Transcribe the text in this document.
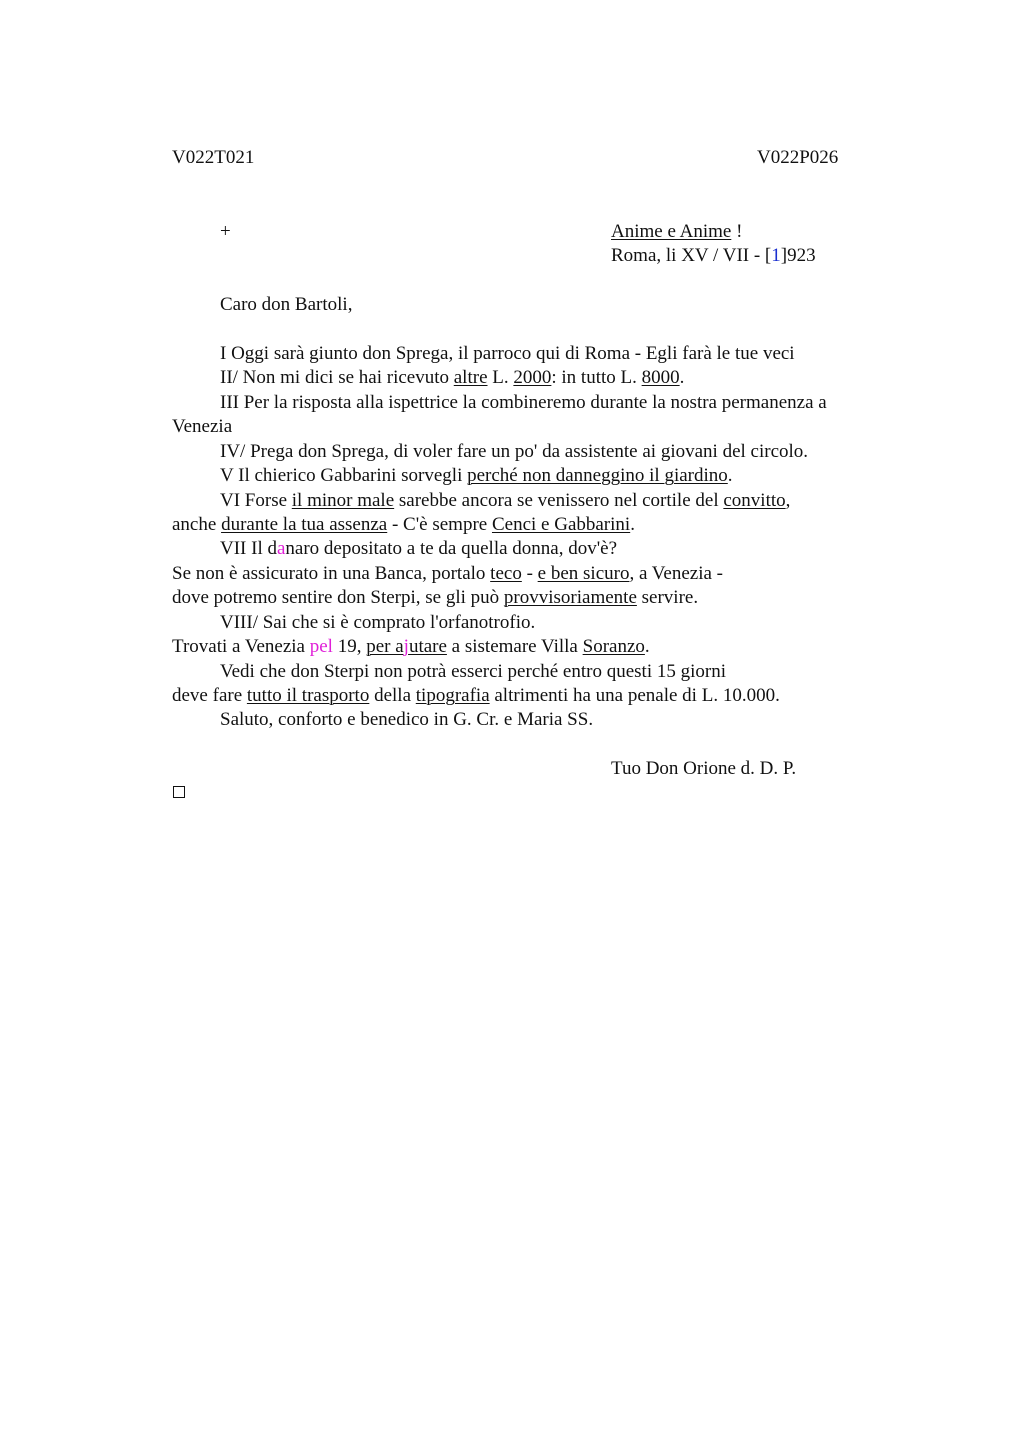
V022T021	V022P026
+	Anime e Anime !
Roma, li XV / VII - [1]923
Caro don Bartoli,
I Oggi sarà giunto don Sprega, il parroco qui di Roma - Egli farà le tue veci
II/ Non mi dici se hai ricevuto altre L. 2000: in tutto L. 8000.
III Per la risposta alla ispettrice la combineremo durante la nostra permanenza a
Venezia
IV/ Prega don Sprega, di voler fare un po' da assistente ai giovani del circolo.
V Il chierico Gabbarini sorvegli perché non danneggino il giardino.
VI Forse il minor male sarebbe ancora se venissero nel cortile del convitto,
anche durante la tua assenza - C'è sempre Cenci e Gabbarini.
VII Il danaro depositato a te da quella donna, dov'è?
Se non è assicurato in una Banca, portalo teco - e ben sicuro, a Venezia -
dove potremo sentire don Sterpi, se gli può provvisoriamente servire.
VIII/ Sai che si è comprato l'orfanotrofio.
Trovati a Venezia pel 19, per ajutare a sistemare Villa Soranzo.
Vedi che don Sterpi non potrà esserci perché entro questi 15 giorni
deve fare tutto il trasporto della tipografia altrimenti ha una penale di L. 10.000.
Saluto, conforto e benedico in G. Cr. e Maria SS.
Tuo Don Orione d. D. P.
